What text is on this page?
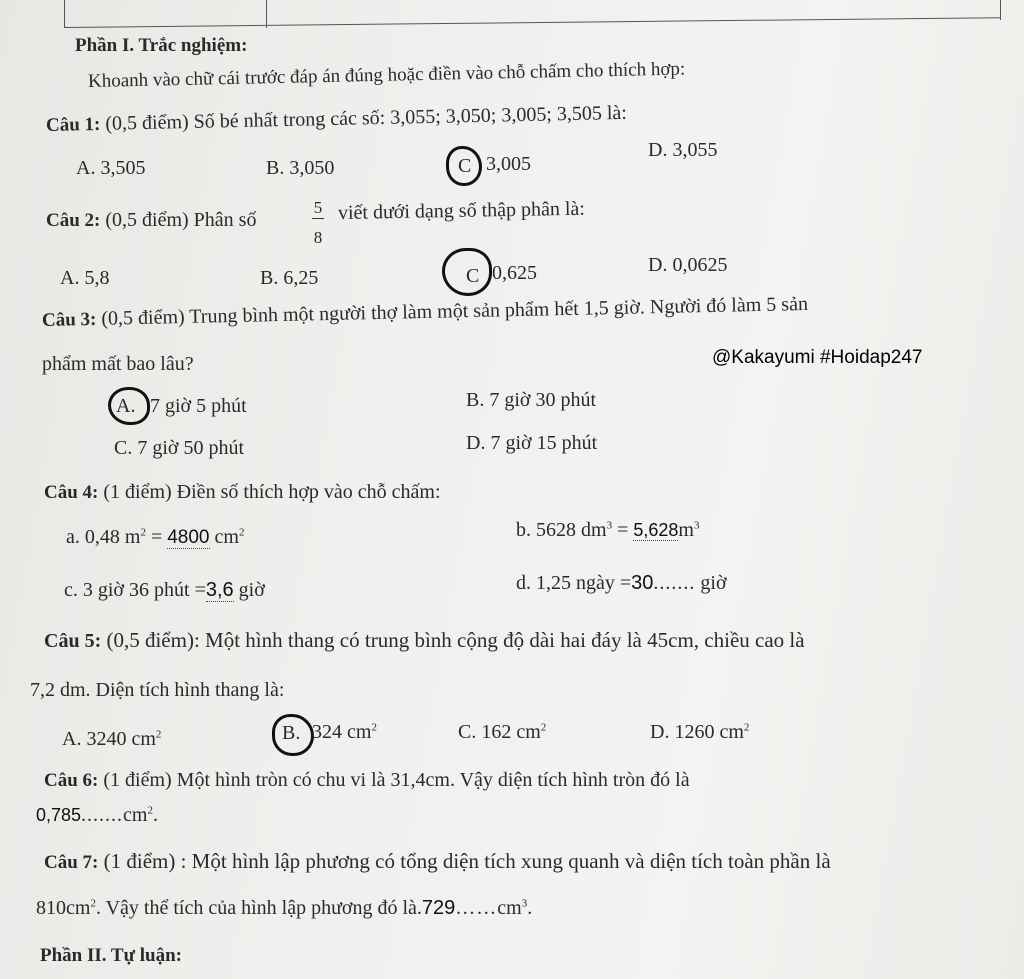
Phần I. Trắc nghiệm:
Khoanh vào chữ cái trước đáp án đúng hoặc điền vào chỗ chấm cho thích hợp:
Câu 1: (0,5 điểm) Số bé nhất trong các số: 3,055; 3,050; 3,005; 3,505 là:
A. 3,505	B. 3,050	C 3,005
D. 3,055
Câu 2: (0,5 điểm) Phân số
5
8
viết dưới dạng số thập phân là:
A. 5,8	B. 6,25	C 0,625	D. 0,0625
Câu 3: (0,5 điểm) Trung bình một người thợ làm một sản phẩm hết 1,5 giờ. Người đó làm 5 sản
phẩm mất bao lâu?	@Kakayumi #Hoidap247
A. 7 giờ 5 phút	B. 7 giờ 30 phút
C. 7 giờ 50 phút	D. 7 giờ 15 phút
Câu 4: (1 điểm) Điền số thích hợp vào chỗ chấm:
a. 0,48 $m^2 = 4800$ $cm^2$	b. 5628 $dm^3 = 5,628m^3$
c. 3 giờ 36 phút =3,6 giờ	d. 1,25 ngày =30....... giờ
Câu 5: (0,5 điểm): Một hình thang có trung bình cộng độ dài hai đáy là 45cm, chiều cao là
7,2 dm. Diện tích hình thang là:
A. 3240 $cm^2$	B. 324 $cm^2$	C. 162 $cm^2$	D. 1260 $cm^2$
Câu 6: (1 điểm) Một hình tròn có chu vi là 31,4cm. Vậy diện tích hình tròn đó là
$0,785.......cm^2$.
Câu 7: (1 điểm) : Một hình lập phương có tổng diện tích xung quanh và diện tích toàn phần là
$810cm^2$. Vậy thể tích của hình lập phương đó $là.729\dots\dots cm^3$.
Phần II. Tự luận:
